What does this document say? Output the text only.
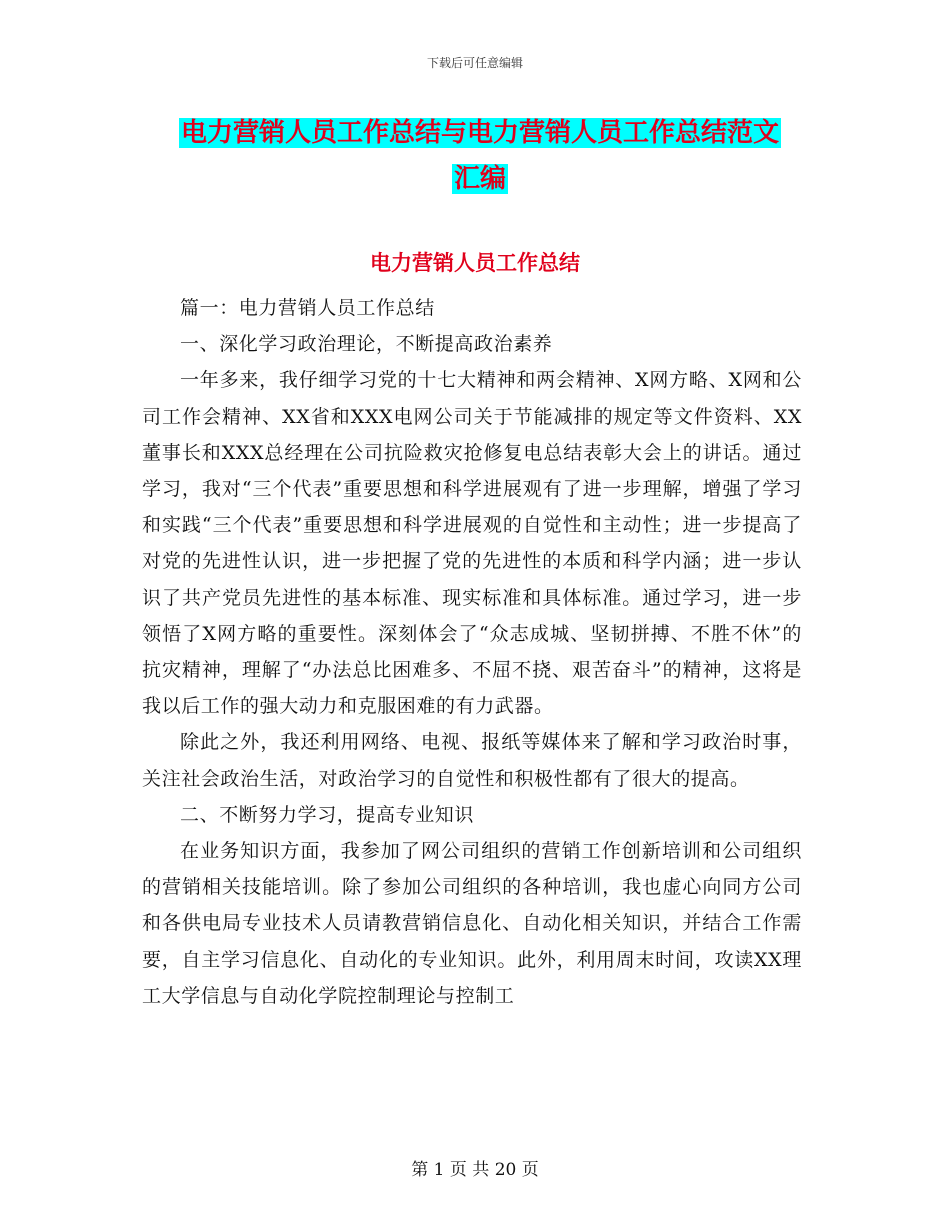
下载后可任意编辑
电力营销人员工作总结与电力营销人员工作总结范文
汇编
电力营销人员工作总结

篇一：电力营销人员工作总结

一、深化学习政治理论，不断提高政治素养

一年多来，我仔细学习党的十七大精神和两会精神、X网方略、X网和公司工作会精神、XX省和XXX电网公司关于节能减排的规定等文件资料、XX董事长和XXX总经理在公司抗险救灾抢修复电总结表彰大会上的讲话。通过学习，我对“三个代表”重要思想和科学进展观有了进一步理解，增强了学习和实践“三个代表”重要思想和科学进展观的自觉性和主动性；进一步提高了对党的先进性认识，进一步把握了党的先进性的本质和科学内涵；进一步认识了共产党员先进性的基本标准、现实标准和具体标准。通过学习，进一步领悟了X网方略的重要性。深刻体会了“众志成城、坚韧拼搏、不胜不休”的抗灾精神，理解了“办法总比困难多、不屈不挠、艰苦奋斗”的精神，这将是我以后工作的强大动力和克服困难的有力武器。

除此之外，我还利用网络、电视、报纸等媒体来了解和学习政治时事，关注社会政治生活，对政治学习的自觉性和积极性都有了很大的提高。

二、不断努力学习，提高专业知识

在业务知识方面，我参加了网公司组织的营销工作创新培训和公司组织的营销相关技能培训。除了参加公司组织的各种培训，我也虚心向同方公司和各供电局专业技术人员请教营销信息化、自动化相关知识，并结合工作需要，自主学习信息化、自动化的专业知识。此外，利用周末时间，攻读XX理工大学信息与自动化学院控制理论与控制工

第 1 页 共 20 页
